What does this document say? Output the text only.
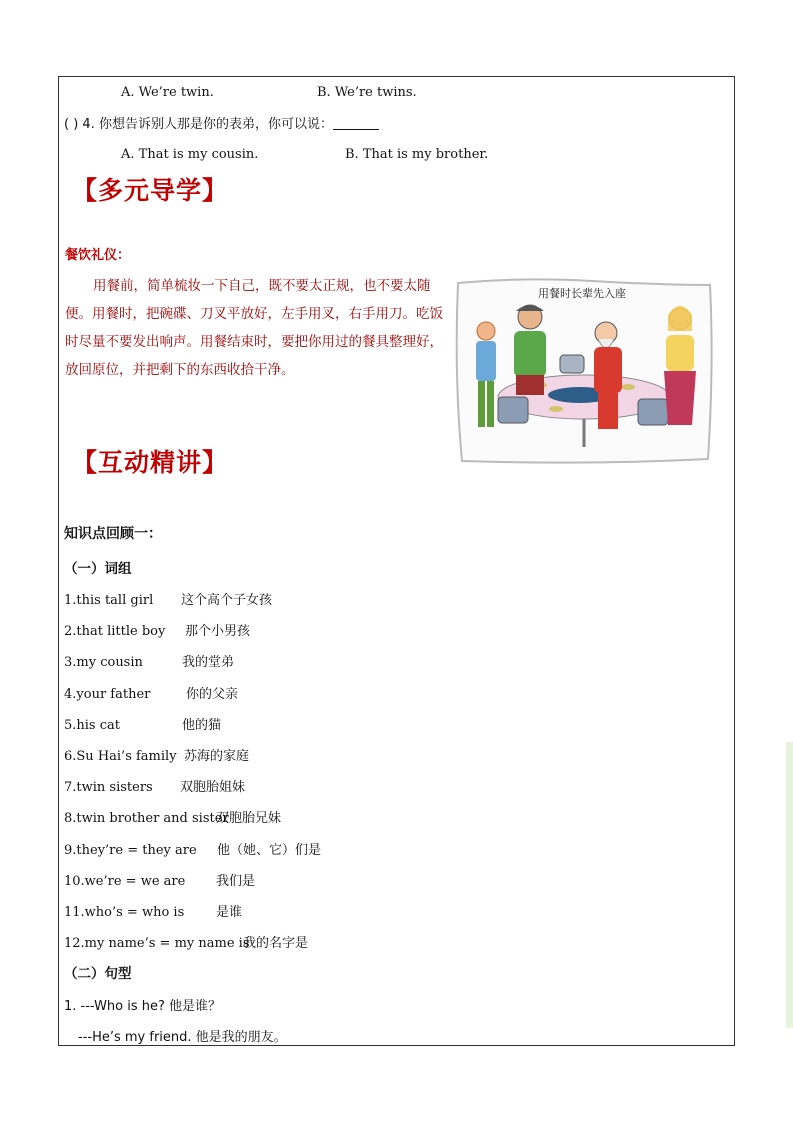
A. We’re twin.	B. We’re twins.
( ) 4. 你想告诉别人那是你的表弟，你可以说：
A. That is my cousin.	B. That is my brother.
【多元导学】
餐饮礼仪：
用餐前，简单梳妆一下自己，既不要太正规，也不要太随便。用餐时，把碗碟、刀叉平放好，左手用叉，右手用刀。吃饭时尽量不要发出响声。用餐结束时，要把你用过的餐具整理好，放回原位，并把剩下的东西收拾干净。
用餐时长辈先入座
【互动精讲】
知识点回顾一：
（一）词组
1.this tall girl 这个高个子女孩
2.that little boy 那个小男孩
3.my cousin	我的堂弟
4.your father	你的父亲
5.his cat	他的猫
6.Su Hai’s family 苏海的家庭
7.twin sisters 双胞胎姐妹
8.twin brother and sister
双胞胎兄妹
9.they’re = they are 他（她、它）们是
10.we’re = we are 我们是
11.who’s = who is 是谁
12.my name’s = my name is
我的名字是
（二）句型
1. ---Who is he? 他是谁？
---He’s my friend. 他是我的朋友。
